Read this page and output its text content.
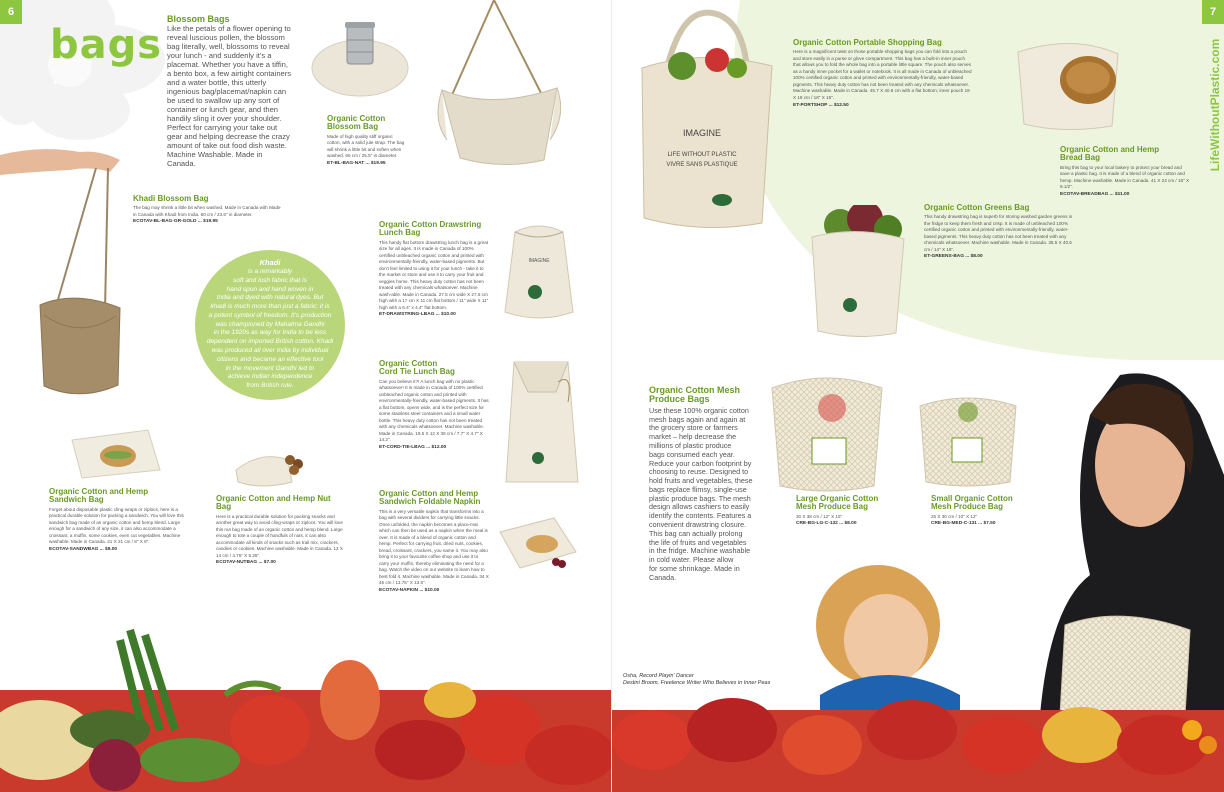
6
bags
Blossom Bags
Like the petals of a flower opening to
reveal luscious pollen, the blossom
bag literally, well, blossoms to reveal
your lunch - and suddenly it's a
placemat. Whether you have a tiffin,
a bento box, a few airtight containers
and a water bottle, this utterly
ingenious bag/placemat/napkin can
be used to swallow up any sort of
container or lunch gear, and then
handily sling it over your shoulder.
Perfect for carrying your take out
gear and helping decrease the crazy
amount of take out food dish waste.
Machine Washable. Made in Canada.
Organic Cotton
Blossom Bag
Made of high quality stiff organic cotton, with a solid jute strap. The bag will shrink a little bit and soften when washed. 65 cm / 25.5" in diameter.
ET-BL-BAG-NAT ... $19.95
Khadi Blossom Bag
The bag may shrink a little bit when washed. Made in Canada with Made in Canada with Khadi from India. 60 cm / 23.6" in diameter.
ECOTAV-BL-BAG-GR-GOLD ... $19.95
Khadi
is a remarkably
soft and lush fabric that is
hand spun and hand woven in
India and dyed with natural dyes. But
khadi is much more than just a fabric: it is
a potent symbol of freedom. It's production
was championed by Mahatma Gandhi
in the 1920s as way for India to be less
dependent on imported British cotton. Khadi
was produced all over India by individual
citizens and became an effective tool
in the movement Gandhi led to
achieve Indian independence
from British rule.
IMAGINE
Organic Cotton Drawstring
Lunch Bag
This handy flat bottom drawstring lunch bag is a great size for all ages. It is made in Canada of 100% certified unbleached organic cotton and printed with environmentally-friendly, water-based pigments. But don't feel limited to using it for your lunch - take it to the market or store and use it to carry your fruit and veggies home. This heavy duty cotton has not been treated with any chemicals whatsoever. Machine wash-able. Made in Canada. 27.5 cm wide X 27.5 cm high with a 17 cm X 11 cm flat bottom / 11" wide X 11" high with a 6.4" x 4.4" flat bottom.
ET-DRAWSTRING-LBAG ... $10.00
Organic Cotton
Cord Tie Lunch Bag
Can you believe it?! A lunch bag with no plastic whatsoever! It is made in Canada of 100% certified unbleached organic cotton and printed with environmentally-friendly, water-based pigments. It has a flat bottom, opens wide, and is the perfect size for some stainless steel containers and a small water bottle. This heavy duty cotton has not been treated with any chemicals whatsoever. Machine washable. Made in Canada. 19.5 X 12 X 36 cm / 7.7" X 4.7" X 14.2".
ET-CORD-TIE-LBAG ... $12.00
Organic Cotton and Hemp
Sandwich Bag
Forget about disposable plastic cling-wraps or ziplocs, here is a practical durable solution for packing a sandwich. You will love this sandwich bag made of an organic cotton and hemp blend. Large enough for a sandwich of any size, it can also accommodate a croissant, a muffin, some cookies, even cut vegetables. Machine washable. Made in Canada. 21 X 21 cm / 8" X 8".
ECOTAV-SANDWBAG ... $9.00
Organic Cotton and Hemp Nut Bag
Here is a practical durable solution for packing snacks and another great way to avoid cling-wraps or ziplocs. You will love this nut bag made of an organic cotton and hemp blend. Large enough to tote a couple of handfuls of nuts, it can also accommodate all kinds of snacks such as trail mix, crackers, candies or cookies. Machine washable. Made in Canada. 12 X 14 cm / 4.75" X 5.25".
ECOTAV-NUTBAG ... $7.00
Organic Cotton and Hemp
Sandwich Foldable Napkin
This is a very versatile napkin that transforms into a bag with several dividers for carrying little snacks. Once unfolded, the napkin becomes a place-mat which can then be used as a napkin when the meal is over. It is made of a blend of organic cotton and hemp. Perfect for carrying fruit, dried nuts, cookies, bread, croissant, crackers, you name it. You may also bring it to your favourite coffee shop and use it to carry your muffin, thereby eliminating the need for a bag. Watch the video on our website to learn how to best fold it. Machine washable. Made in Canada. 34 X 45 cm / 13.75" X 13.5".
ECOTAV-NAPKIN ... $10.00
7
LifeWithoutPlastic.com
IMAGINE
LIFE WITHOUT PLASTIC
VIVRE SANS PLASTIQUE
Organic Cotton Portable Shopping Bag
Here is a magnificent twist on those portable shopping bags you can fold into a pouch and store easily in a purse or glove compartment. This bag has a built-in inner pouch that allows you to fold the whole bag into a portable little square. The pouch also serves as a handy inner pocket for a wallet or notebook. It is all made in Canada of unbleached 100% certified organic cotton and printed with environmentally-friendly, water-based pigments. This heavy duty cotton has not been treated with any chemicals whatsoever. Machine washable. Made in Canada. 45.7 X 40.6 cm with a flat bottom; inner pouch 19 X 19 cm / 18" X 16".
ET-PORTSHOP ... $12.50
Organic Cotton and Hemp
Bread Bag
Bring this bag to your local bakery to protect your bread and save a plastic bag. It is made of a blend of organic cotton and hemp. Machine washable. Made in Canada. 41 X 24 cm / 16" X 9.1/2".
ECOTAV-BREADBAG ... $11.00
Organic Cotton Greens Bag
This handy drawstring bag is superb for storing washed garden greens in the fridge to keep them fresh and crisp. It is made of unbleached 100% certified organic cotton and printed with environmentally-friendly, water-based pigments. This heavy duty cotton has not been treated with any chemicals whatsoever. Machine washable. Made in Canada. 35.5 X 40.6 cm / 14" X 16".
ET-GREENS-BAG ... $8.00
Organic Cotton Mesh
Produce Bags
Use these 100% organic cotton
mesh bags again and again at
the grocery store or farmers
market – help decrease the
millions of plastic produce
bags consumed each year.
Reduce your carbon footprint by
choosing to reuse. Designed to
hold fruits and vegetables, these
bags replace flimsy, single-use
plastic produce bags. The mesh
design allows cashiers to easily
identify the contents. Features a
convenient drawstring closure.
This bag can actually prolong
the life of fruits and vegetables
in the fridge. Machine washable
in cold water. Please allow
for some shrinkage. Made in
Canada.
Large Organic Cotton
Mesh Produce Bag
30 X 38 cm / 12" X 15"
CRE-BG-LG-C-132 ... $8.00
Small Organic Cotton
Mesh Produce Bag
25 X 30 cm / 10" X 12"
CRE-BG-MED-C-131 ... $7.50
Osha, Record Playin' Dancer
Destini Broom, Freelence Writer Who Believes in Inner Peas
